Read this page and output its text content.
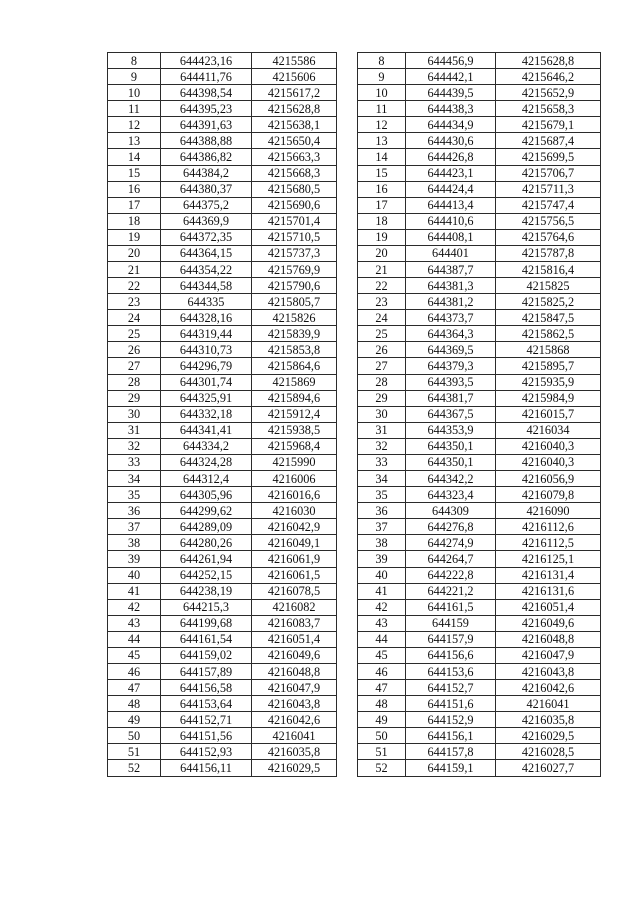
8	644423,16	4215586
9	644411,76	4215606
10	644398,54	4215617,2
11	644395,23	4215628,8
12	644391,63	4215638,1
13	644388,88	4215650,4
14	644386,82	4215663,3
15	644384,2	4215668,3
16	644380,37	4215680,5
17	644375,2	4215690,6
18	644369,9	4215701,4
19	644372,35	4215710,5
20	644364,15	4215737,3
21	644354,22	4215769,9
22	644344,58	4215790,6
23	644335	4215805,7
24	644328,16	4215826
25	644319,44	4215839,9
26	644310,73	4215853,8
27	644296,79	4215864,6
28	644301,74	4215869
29	644325,91	4215894,6
30	644332,18	4215912,4
31	644341,41	4215938,5
32	644334,2	4215968,4
33	644324,28	4215990
34	644312,4	4216006
35	644305,96	4216016,6
36	644299,62	4216030
37	644289,09	4216042,9
38	644280,26	4216049,1
39	644261,94	4216061,9
40	644252,15	4216061,5
41	644238,19	4216078,5
42	644215,3	4216082
43	644199,68	4216083,7
44	644161,54	4216051,4
45	644159,02	4216049,6
46	644157,89	4216048,8
47	644156,58	4216047,9
48	644153,64	4216043,8
49	644152,71	4216042,6
50	644151,56	4216041
51	644152,93	4216035,8
52	644156,11	4216029,5
8	644456,9	4215628,8
9	644442,1	4215646,2
10	644439,5	4215652,9
11	644438,3	4215658,3
12	644434,9	4215679,1
13	644430,6	4215687,4
14	644426,8	4215699,5
15	644423,1	4215706,7
16	644424,4	4215711,3
17	644413,4	4215747,4
18	644410,6	4215756,5
19	644408,1	4215764,6
20	644401	4215787,8
21	644387,7	4215816,4
22	644381,3	4215825
23	644381,2	4215825,2
24	644373,7	4215847,5
25	644364,3	4215862,5
26	644369,5	4215868
27	644379,3	4215895,7
28	644393,5	4215935,9
29	644381,7	4215984,9
30	644367,5	4216015,7
31	644353,9	4216034
32	644350,1	4216040,3
33	644350,1	4216040,3
34	644342,2	4216056,9
35	644323,4	4216079,8
36	644309	4216090
37	644276,8	4216112,6
38	644274,9	4216112,5
39	644264,7	4216125,1
40	644222,8	4216131,4
41	644221,2	4216131,6
42	644161,5	4216051,4
43	644159	4216049,6
44	644157,9	4216048,8
45	644156,6	4216047,9
46	644153,6	4216043,8
47	644152,7	4216042,6
48	644151,6	4216041
49	644152,9	4216035,8
50	644156,1	4216029,5
51	644157,8	4216028,5
52	644159,1	4216027,7
